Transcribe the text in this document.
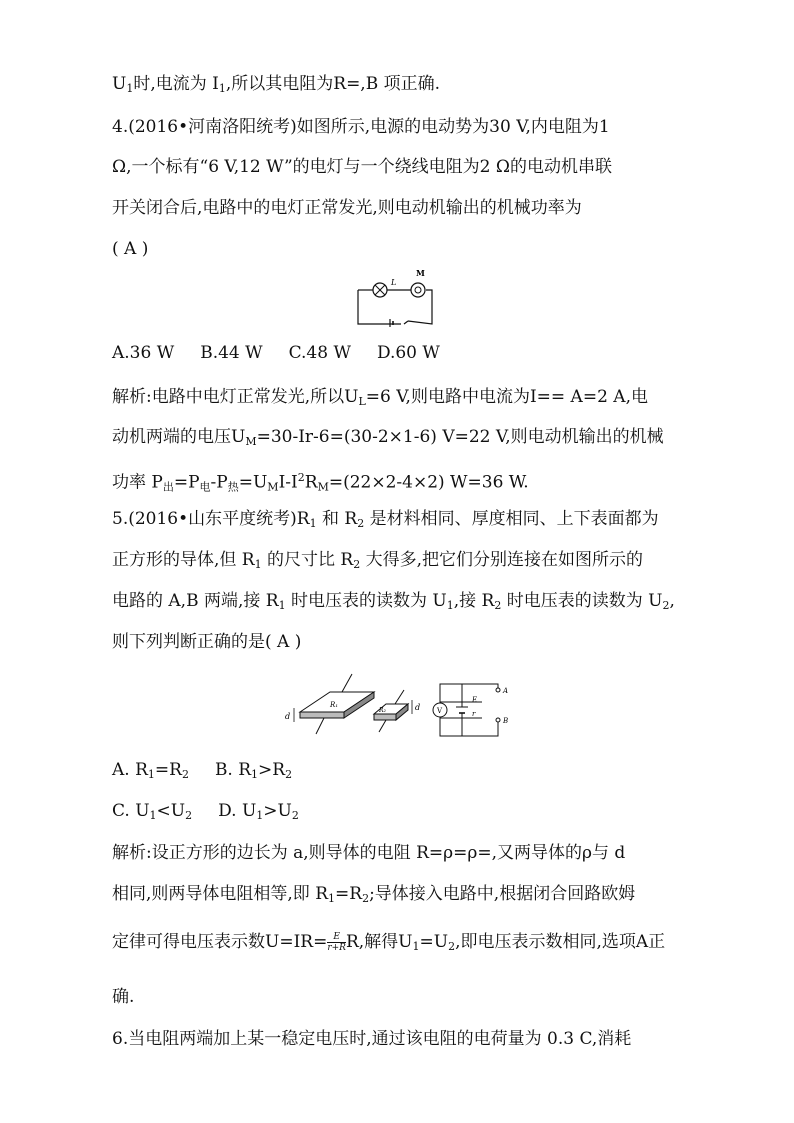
$U_1$时,电流为 $I_1$,所以其电阻为R=,B 项正确.
4.(2016•河南洛阳统考)如图所示,电源的电动势为30 V,内电阻为1
Ω,一个标有“6 V,12 W”的电灯与一个绕线电阻为2 Ω的电动机串联
开关闭合后,电路中的电灯正常发光,则电动机输出的机械功率为
( A )
L
M
A.36 W B.44 W C.48 W D.60 W
解析:电路中电灯正常发光,所以$U_L=6$ V,则电路中电流为I== A=2 A,电
动机两端的电压$U_M=30-Ir-6=(30-2\times 1-6)$ V=22 V,则电动机输出的机械
功率 $P_出=P_电-P_热=U_MI-I^2R_M=(22\times 2-4\times 2)$ W=36 W.
5.(2016•山东平度统考)$R_1$ 和 $R_2$ 是材料相同、厚度相同、上下表面都为
正方形的导体,但 $R_1$ 的尺寸比 $R_2$ 大得多,把它们分别连接在如图所示的
电路的 A,B 两端,接 $R_1$ 时电压表的读数为 $U_1$,接 $R_2$ 时电压表的读数为 $U_2$,
则下列判断正确的是( A )
d
R₁
R₂	d V
E
r
A
B
A. $R_1=R_2$ B. $R_1>R_2$
C. $U_1<U_2$ D. $U_1>U_2$
解析:设正方形的边长为 a,则导体的电阻 R=ρ=ρ=,又两导体的ρ与 d
相同,则两导体电阻相等,即 $R_1=R_2$;导体接入电路中,根据闭合回路欧姆
定律可得电压表示数$U=IR= \frac{E}{r+R} R$,解得$U_1=U_2$,即电压表示数相同,选项A正
确.
6.当电阻两端加上某一稳定电压时,通过该电阻的电荷量为 0.3 C,消耗
